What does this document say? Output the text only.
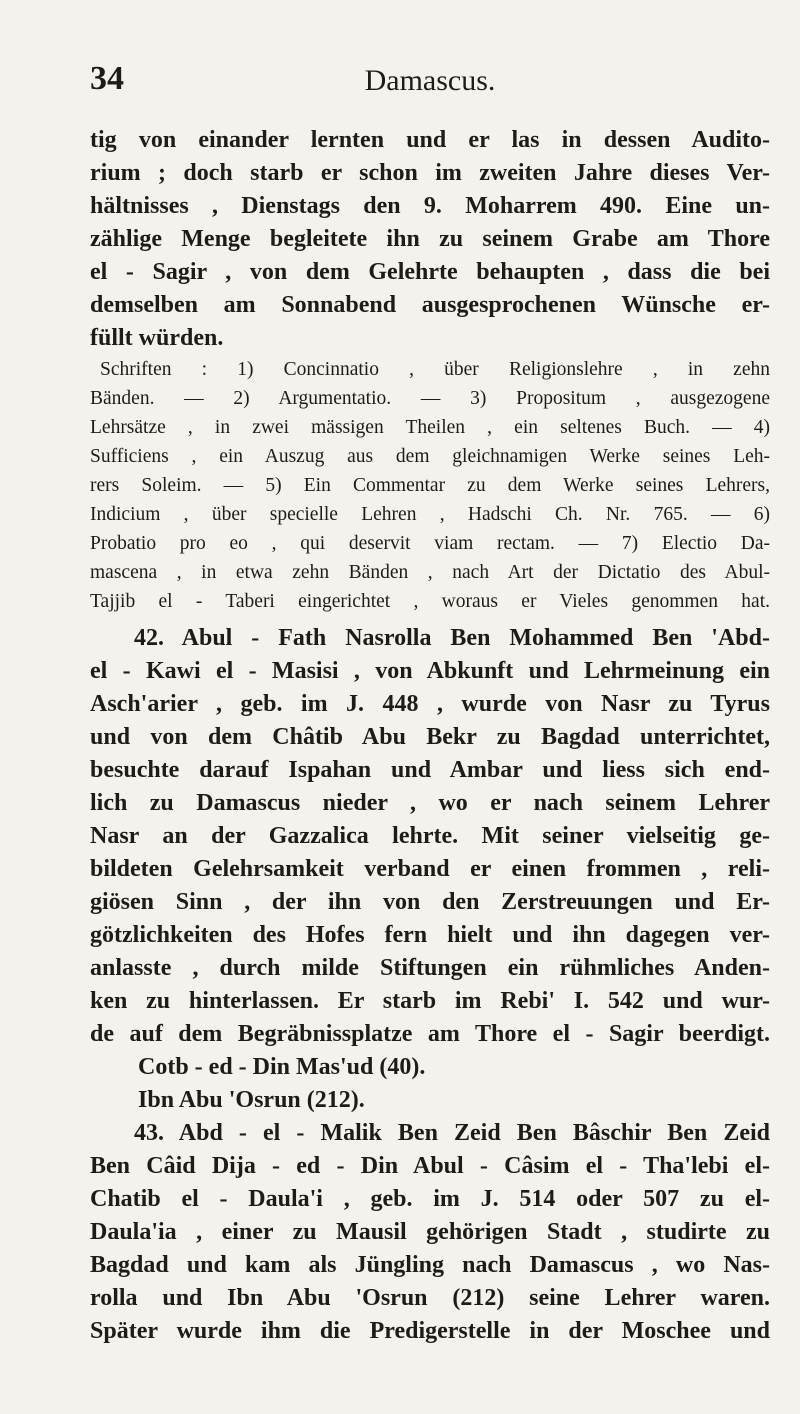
34	Damascus.
tig von einander lernten und er las in dessen Audito-
rium ; doch starb er schon im zweiten Jahre dieses Ver-
hältnisses , Dienstags den 9. Moharrem 490. Eine un-
zählige Menge begleitete ihn zu seinem Grabe am Thore
el - Sagir , von dem Gelehrte behaupten , dass die bei
demselben am Sonnabend ausgesprochenen Wünsche er-
füllt würden.
Schriften : 1) Concinnatio , über Religionslehre , in zehn
Bänden. — 2) Argumentatio. — 3) Propositum , ausgezogene
Lehrsätze , in zwei mässigen Theilen , ein seltenes Buch. — 4)
Sufficiens , ein Auszug aus dem gleichnamigen Werke seines Leh-
rers Soleim. — 5) Ein Commentar zu dem Werke seines Lehrers,
Indicium , über specielle Lehren , Hadschi Ch. Nr. 765. — 6)
Probatio pro eo , qui deservit viam rectam. — 7) Electio Da-
mascena , in etwa zehn Bänden , nach Art der Dictatio des Abul-
Tajjib el - Taberi eingerichtet , woraus er Vieles genommen hat.
42. Abul - Fath Nasrolla Ben Mohammed Ben 'Abd-
el - Kawi el - Masisi , von Abkunft und Lehrmeinung ein
Asch'arier , geb. im J. 448 , wurde von Nasr zu Tyrus
und von dem Châtib Abu Bekr zu Bagdad unterrichtet,
besuchte darauf Ispahan und Ambar und liess sich end-
lich zu Damascus nieder , wo er nach seinem Lehrer
Nasr an der Gazzalica lehrte. Mit seiner vielseitig ge-
bildeten Gelehrsamkeit verband er einen frommen , reli-
giösen Sinn , der ihn von den Zerstreuungen und Er-
götzlichkeiten des Hofes fern hielt und ihn dagegen ver-
anlasste , durch milde Stiftungen ein rühmliches Anden-
ken zu hinterlassen. Er starb im Rebi' I. 542 und wur-
de auf dem Begräbnissplatze am Thore el - Sagir beerdigt.
Cotb - ed - Din Mas'ud (40).
Ibn Abu 'Osrun (212).
43. Abd - el - Malik Ben Zeid Ben Bâschir Ben Zeid
Ben Câid Dija - ed - Din Abul - Câsim el - Tha'lebi el-
Chatib el - Daula'i , geb. im J. 514 oder 507 zu el-
Daula'ia , einer zu Mausil gehörigen Stadt , studirte zu
Bagdad und kam als Jüngling nach Damascus , wo Nas-
rolla und Ibn Abu 'Osrun (212) seine Lehrer waren.
Später wurde ihm die Predigerstelle in der Moschee und
